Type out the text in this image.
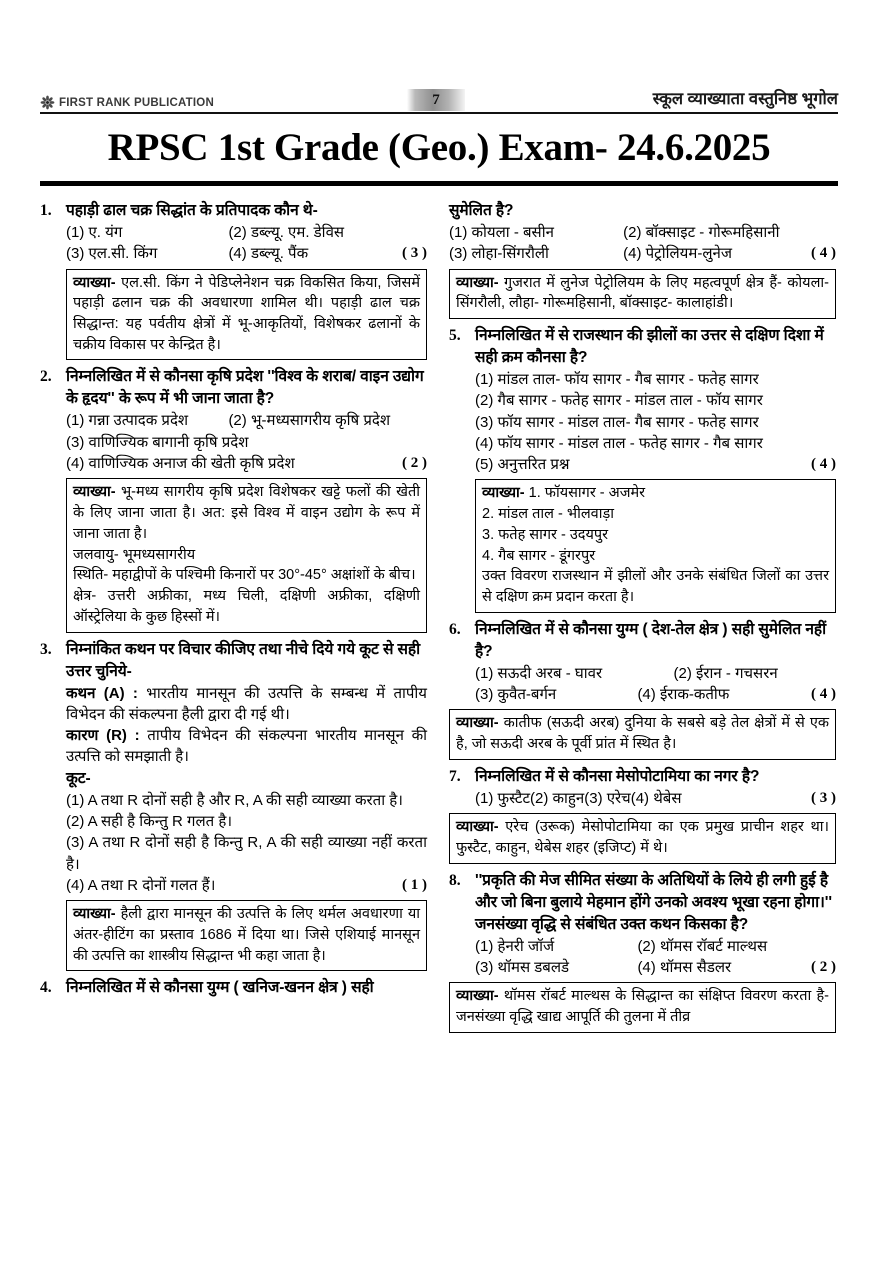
FIRST RANK PUBLICATION	7	स्कूल व्याख्याता वस्तुनिष्ठ भूगोल
RPSC 1st Grade (Geo.) Exam- 24.6.2025
1. पहाड़ी ढाल चक्र सिद्धांत के प्रतिपादक कौन थे-
(1) ए. यंग	(2) डब्ल्यू. एम. डेविस
(3) एल.सी. किंग	(4) डब्ल्यू. पैंक	( 3 )

व्याख्या- एल.सी. किंग ने पेडिप्लेनेशन चक्र विकसित किया, जिसमें पहाड़ी ढलान चक्र की अवधारणा शामिल थी। पहाड़ी ढाल चक्र सिद्धान्त: यह पर्वतीय क्षेत्रों में भू-आकृतियों, विशेषकर ढलानों के चक्रीय विकास पर केन्द्रित है।

2. निम्नलिखित में से कौनसा कृषि प्रदेश ''विश्व के शराब/ वाइन उद्योग के हृदय'' के रूप में भी जाना जाता है?
(1) गन्ना उत्पादक प्रदेश	(2) भू-मध्यसागरीय कृषि प्रदेश
(3) वाणिज्यिक बागानी कृषि प्रदेश
(4) वाणिज्यिक अनाज की खेती कृषि प्रदेश	( 2 )

व्याख्या- भू-मध्य सागरीय कृषि प्रदेश विशेषकर खट्टे फलों की खेती के लिए जाना जाता है। अत: इसे विश्व में वाइन उद्योग के रूप में जाना जाता है।

जलवायु- भूमध्यसागरीय

स्थिति- महाद्वीपों के पश्चिमी किनारों पर 30°-45° अक्षांशों के बीच।

क्षेत्र- उत्तरी अफ्रीका, मध्य चिली, दक्षिणी अफ्रीका, दक्षिणी ऑस्ट्रेलिया के कुछ हिस्सों में।

3. निम्नांकित कथन पर विचार कीजिए तथा नीचे दिये गये कूट से सही उत्तर चुनिये-
कथन (A) : भारतीय मानसून की उत्पत्ति के सम्बन्ध में तापीय विभेदन की संकल्पना हैली द्वारा दी गई थी।
कारण (R) : तापीय विभेदन की संकल्पना भारतीय मानसून की उत्पत्ति को समझाती है।
कूट-
(1) A तथा R दोनों सही है और R, A की सही व्याख्या करता है।
(2) A सही है किन्तु R गलत है।
(3) A तथा R दोनों सही है किन्तु R, A की सही व्याख्या नहीं करता है।
(4) A तथा R दोनों गलत हैं।	( 1 )

व्याख्या- हैली द्वारा मानसून की उत्पत्ति के लिए थर्मल अवधारणा या अंतर-हीटिंग का प्रस्ताव 1686 में दिया था। जिसे एशियाई मानसून की उत्पत्ति का शास्त्रीय सिद्धान्त भी कहा जाता है।

4. निम्नलिखित में से कौनसा युग्म ( खनिज-खनन क्षेत्र ) सही
सुमेलित है?
(1) कोयला - बसीन	(2) बॉक्साइट - गोरूमहिसानी
(3) लोहा-सिंगरौली	(4) पेट्रोलियम-लुनेज	( 4 )

व्याख्या- गुजरात में लुनेज पेट्रोलियम के लिए महत्वपूर्ण क्षेत्र हैं- कोयला- सिंगरौली, लौहा- गोरूमहिसानी, बॉक्साइट- कालाहांडी।

5. निम्नलिखित में से राजस्थान की झीलों का उत्तर से दक्षिण दिशा में सही क्रम कौनसा है?
(1) मांडल ताल- फॉय सागर - गैब सागर - फतेह सागर
(2) गैब सागर - फतेह सागर - मांडल ताल - फॉय सागर
(3) फॉय सागर - मांडल ताल- गैब सागर - फतेह सागर
(4) फॉय सागर - मांडल ताल - फतेह सागर - गैब सागर
(5) अनुत्तरित प्रश्न	( 4 )

व्याख्या- 1. फॉयसागर - अजमेर

2. मांडल ताल - भीलवाड़ा

3. फतेह सागर - उदयपुर

4. गैब सागर - डूंगरपुर

उक्त विवरण राजस्थान में झीलों और उनके संबंधित जिलों का उत्तर से दक्षिण क्रम प्रदान करता है।

6. निम्नलिखित में से कौनसा युग्म ( देश-तेल क्षेत्र ) सही सुमेलित नहीं है?
(1) सऊदी अरब - घावर	(2) ईरान - गचसरन
(3) कुवैत-बर्गन	(4) ईराक-कतीफ	( 4 )

व्याख्या- कातीफ (सऊदी अरब) दुनिया के सबसे बड़े तेल क्षेत्रों में से एक है, जो सऊदी अरब के पूर्वी प्रांत में स्थित है।

7. निम्नलिखित में से कौनसा मेसोपोटामिया का नगर है?
(1) फुस्टैट (2) काहुन (3) एरेच (4) थेबेस	( 3 )

व्याख्या- एरेच (उरूक) मेसोपोटामिया का एक प्रमुख प्राचीन शहर था। फुस्टैट, काहुन, थेबेस शहर (इजिप्ट) में थे।

8. ''प्रकृति की मेज सीमित संख्या के अतिथियों के लिये ही लगी हुई है और जो बिना बुलाये मेहमान होंगे उनको अवश्य भूखा रहना होगा।'' जनसंख्या वृद्धि से संबंधित उक्त कथन किसका है?
(1) हेनरी जॉर्ज	(2) थॉमस रॉबर्ट माल्थस
(3) थॉमस डबलडे	(4) थॉमस सैडलर	( 2 )

व्याख्या- थॉमस रॉबर्ट माल्थस के सिद्धान्त का संक्षिप्त विवरण करता है- जनसंख्या वृद्धि खाद्य आपूर्ति की तुलना में तीव्र
